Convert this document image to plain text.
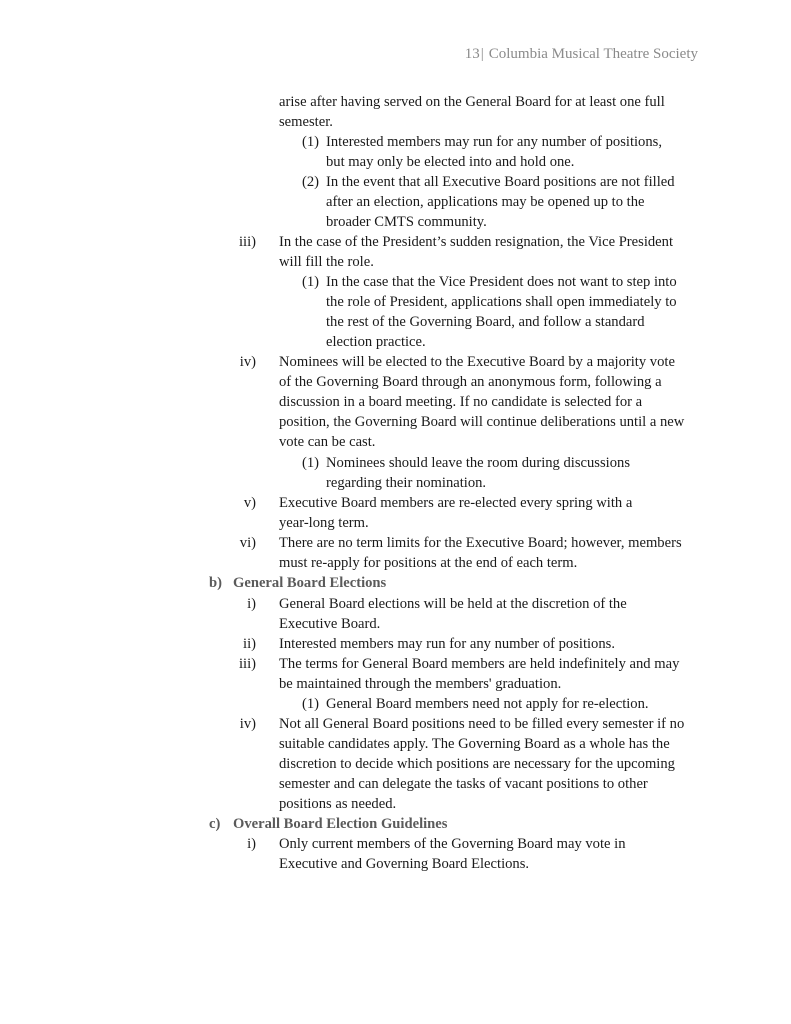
13| Columbia Musical Theatre Society
arise after having served on the General Board for at least one full
semester.
(1) Interested members may run for any number of positions,
but may only be elected into and hold one.
(2) In the event that all Executive Board positions are not filled
after an election, applications may be opened up to the
broader CMTS community.
iii) In the case of the President’s sudden resignation, the Vice President
will fill the role.
(1) In the case that the Vice President does not want to step into
the role of President, applications shall open immediately to
the rest of the Governing Board, and follow a standard
election practice.
iv) Nominees will be elected to the Executive Board by a majority vote
of the Governing Board through an anonymous form, following a
discussion in a board meeting. If no candidate is selected for a
position, the Governing Board will continue deliberations until a new
vote can be cast.
(1) Nominees should leave the room during discussions
regarding their nomination.
v) Executive Board members are re-elected every spring with a
year-long term.
vi) There are no term limits for the Executive Board; however, members
must re-apply for positions at the end of each term.
b) General Board Elections
i) General Board elections will be held at the discretion of the
Executive Board.
ii) Interested members may run for any number of positions.
iii) The terms for General Board members are held indefinitely and may
be maintained through the members' graduation.
(1) General Board members need not apply for re-election.
iv) Not all General Board positions need to be filled every semester if no
suitable candidates apply. The Governing Board as a whole has the
discretion to decide which positions are necessary for the upcoming
semester and can delegate the tasks of vacant positions to other
positions as needed.
c) Overall Board Election Guidelines
i) Only current members of the Governing Board may vote in
Executive and Governing Board Elections.
